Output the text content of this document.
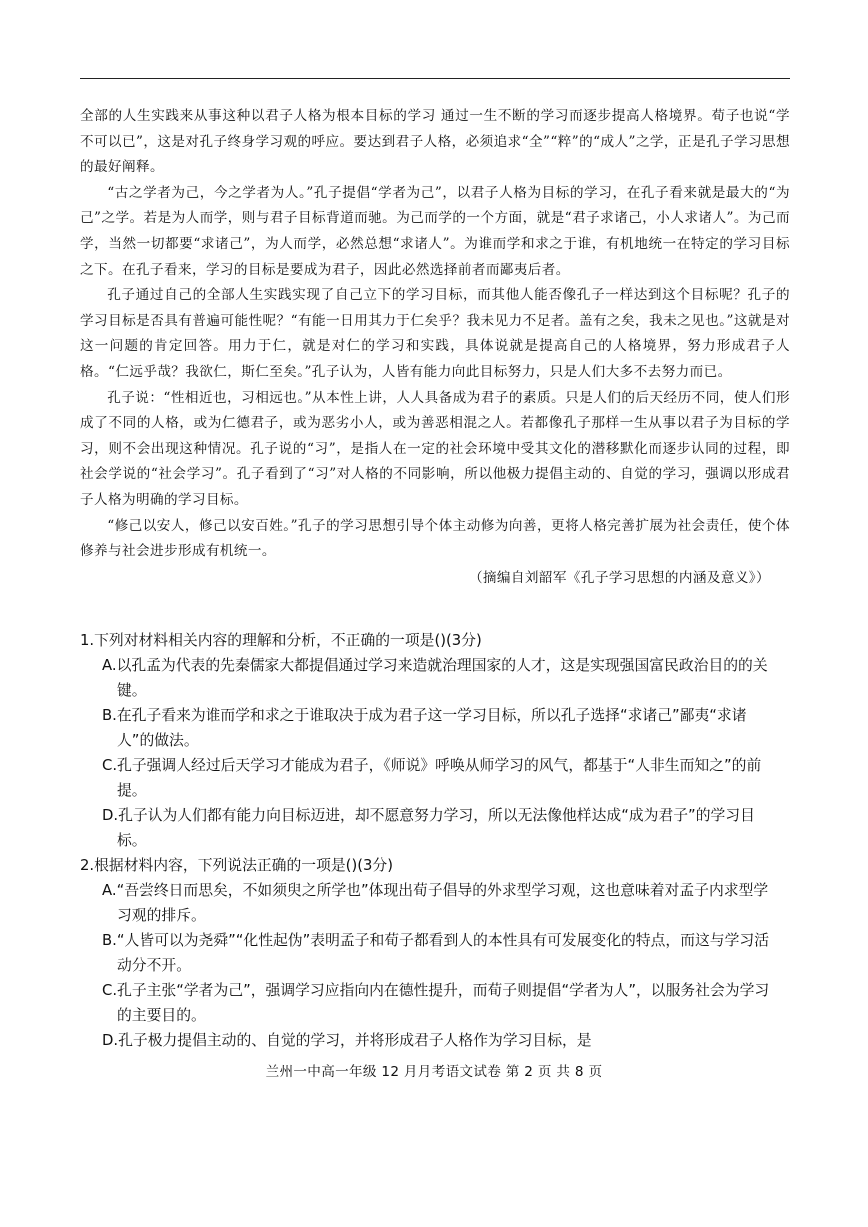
全部的人生实践来从事这种以君子人格为根本目标的学习 通过一生不断的学习而逐步提高人格境界。荀子也说“学不可以已”，这是对孔子终身学习观的呼应。要达到君子人格，必须追求“全”“粹”的“成人”之学，正是孔子学习思想的最好阐释。

“古之学者为己，今之学者为人。”孔子提倡“学者为己”，以君子人格为目标的学习，在孔子看来就是最大的“为己”之学。若是为人而学，则与君子目标背道而驰。为己而学的一个方面，就是“君子求诸己，小人求诸人”。为己而学，当然一切都要“求诸己”，为人而学，必然总想“求诸人”。为谁而学和求之于谁，有机地统一在特定的学习目标之下。在孔子看来，学习的目标是要成为君子，因此必然选择前者而鄙夷后者。

孔子通过自己的全部人生实践实现了自己立下的学习目标，而其他人能否像孔子一样达到这个目标呢？孔子的学习目标是否具有普遍可能性呢？“有能一日用其力于仁矣乎？我未见力不足者。盖有之矣，我未之见也。”这就是对这一问题的肯定回答。用力于仁，就是对仁的学习和实践，具体说就是提高自己的人格境界，努力形成君子人格。“仁远乎哉？我欲仁，斯仁至矣。”孔子认为，人皆有能力向此目标努力，只是人们大多不去努力而已。

孔子说：“性相近也，习相远也。”从本性上讲，人人具备成为君子的素质。只是人们的后天经历不同，使人们形成了不同的人格，或为仁德君子，或为恶劣小人，或为善恶相混之人。若都像孔子那样一生从事以君子为目标的学习，则不会出现这种情况。孔子说的“习”，是指人在一定的社会环境中受其文化的潜移默化而逐步认同的过程，即社会学说的“社会学习”。孔子看到了“习”对人格的不同影响，所以他极力提倡主动的、自觉的学习，强调以形成君子人格为明确的学习目标。

“修己以安人，修己以安百姓。”孔子的学习思想引导个体主动修为向善，更将人格完善扩展为社会责任，使个体修养与社会进步形成有机统一。

（摘编自刘韶军《孔子学习思想的内涵及意义》）

1.下列对材料相关内容的理解和分析，不正确的一项是()(3分)

A.以孔孟为代表的先秦儒家大都提倡通过学习来造就治理国家的人才，这是实现强国富民政治目的的关键。

B.在孔子看来为谁而学和求之于谁取决于成为君子这一学习目标，所以孔子选择“求诸己”鄙夷“求诸人”的做法。

C.孔子强调人经过后天学习才能成为君子，《师说》呼唤从师学习的风气，都基于“人非生而知之”的前提。

D.孔子认为人们都有能力向目标迈进，却不愿意努力学习，所以无法像他样达成“成为君子”的学习目标。

2.根据材料内容，下列说法正确的一项是()(3分)

A.“吾尝终日而思矣，不如须臾之所学也”体现出荀子倡导的外求型学习观，这也意味着对孟子内求型学习观的排斥。

B.“人皆可以为尧舜”“化性起伪”表明孟子和荀子都看到人的本性具有可发展变化的特点，而这与学习活动分不开。

C.孔子主张“学者为己”，强调学习应指向内在德性提升，而荀子则提倡“学者为人”，以服务社会为学习的主要目的。

D.孔子极力提倡主动的、自觉的学习，并将形成君子人格作为学习目标，是

兰州一中高一年级 12 月月考语文试卷 第 2 页 共 8 页
